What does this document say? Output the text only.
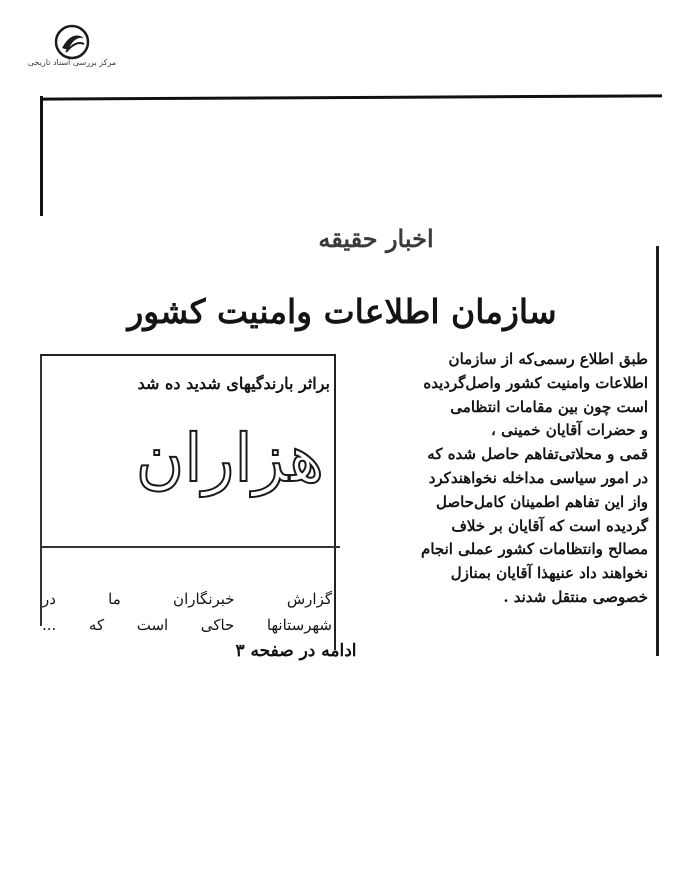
مرکز بررسی اسناد تاریخی
اخبار حقیقه
سازمان اطلاعات وامنیت کشور

طبق اطلاع رسمی‌که از سازمان

اطلاعات وامنیت کشور واصل‌گردیده

است چون بین مقامات انتظامی

و حضرات آقایان خمینی ،

قمی و محلاتی‌تفاهم حاصل شده که

در امور سیاسی مداخله نخواهندکرد

واز این تفاهم اطمینان کامل‌حاصل

گردیده است که آقایان بر خلاف

مصالح وانتظامات کشور عملی انجام

نخواهند داد عنیهذا آقایان بمنازل

خصوصی منتقل شدند .

براثر بارندگیهای شدید ده شد
هزاران

گزارش خبرنگاران ما در

شهرستانها حاکی است که ...

ادامه در صفحه ۳
